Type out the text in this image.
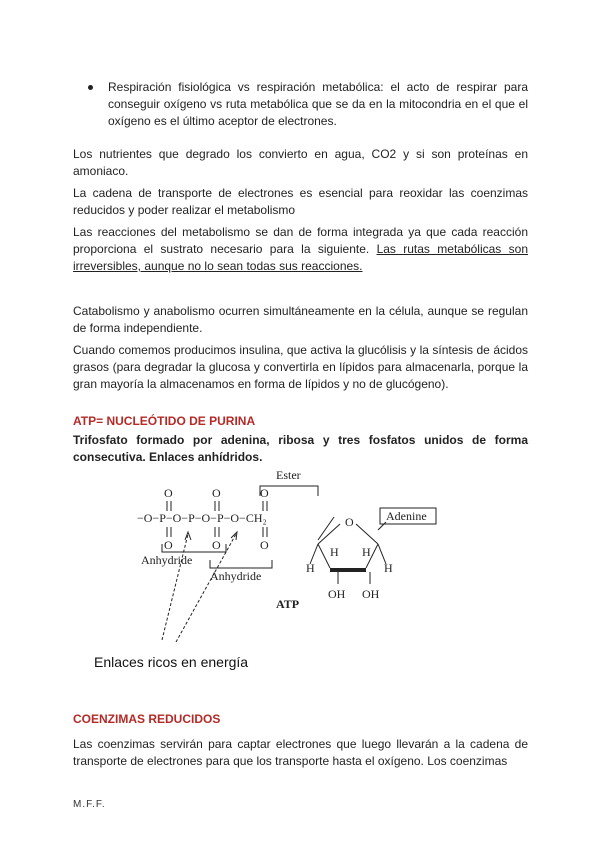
Respiración fisiológica vs respiración metabólica: el acto de respirar para conseguir oxígeno vs ruta metabólica que se da en la mitocondria en el que el oxígeno es el último aceptor de electrones.

Los nutrientes que degrado los convierto en agua, CO2 y si son proteínas en amoniaco.

La cadena de transporte de electrones es esencial para reoxidar las coenzimas reducidos y poder realizar el metabolismo

Las reacciones del metabolismo se dan de forma integrada ya que cada reacción proporciona el sustrato necesario para la siguiente. Las rutas metabólicas son irreversibles, aunque no lo sean todas sus reacciones.

Catabolismo y anabolismo ocurren simultáneamente en la célula, aunque se regulan de forma independiente.

Cuando comemos producimos insulina, que activa la glucólisis y la síntesis de ácidos grasos (para degradar la glucosa y convertirla en lípidos para almacenarla, porque la gran mayoría la almacenamos en forma de lípidos y no de glucógeno).

ATP= NUCLEÓTIDO DE PURINA

Trifosfato formado por adenina, ribosa y tres fosfatos unidos de forma consecutiva. Enlaces anhídridos.

Ester
O	O	O
−O−P−O−P−O−P−O−CH₂
O	O	O
Anhydride
Anhydride
O
H H
H	H
OH OH
Adenine
ATP

Enlaces ricos en energía

COENZIMAS REDUCIDOS

Las coenzimas servirán para captar electrones que luego llevarán a la cadena de transporte de electrones para que los transporte hasta el oxígeno. Los coenzimas

M.F.F.
